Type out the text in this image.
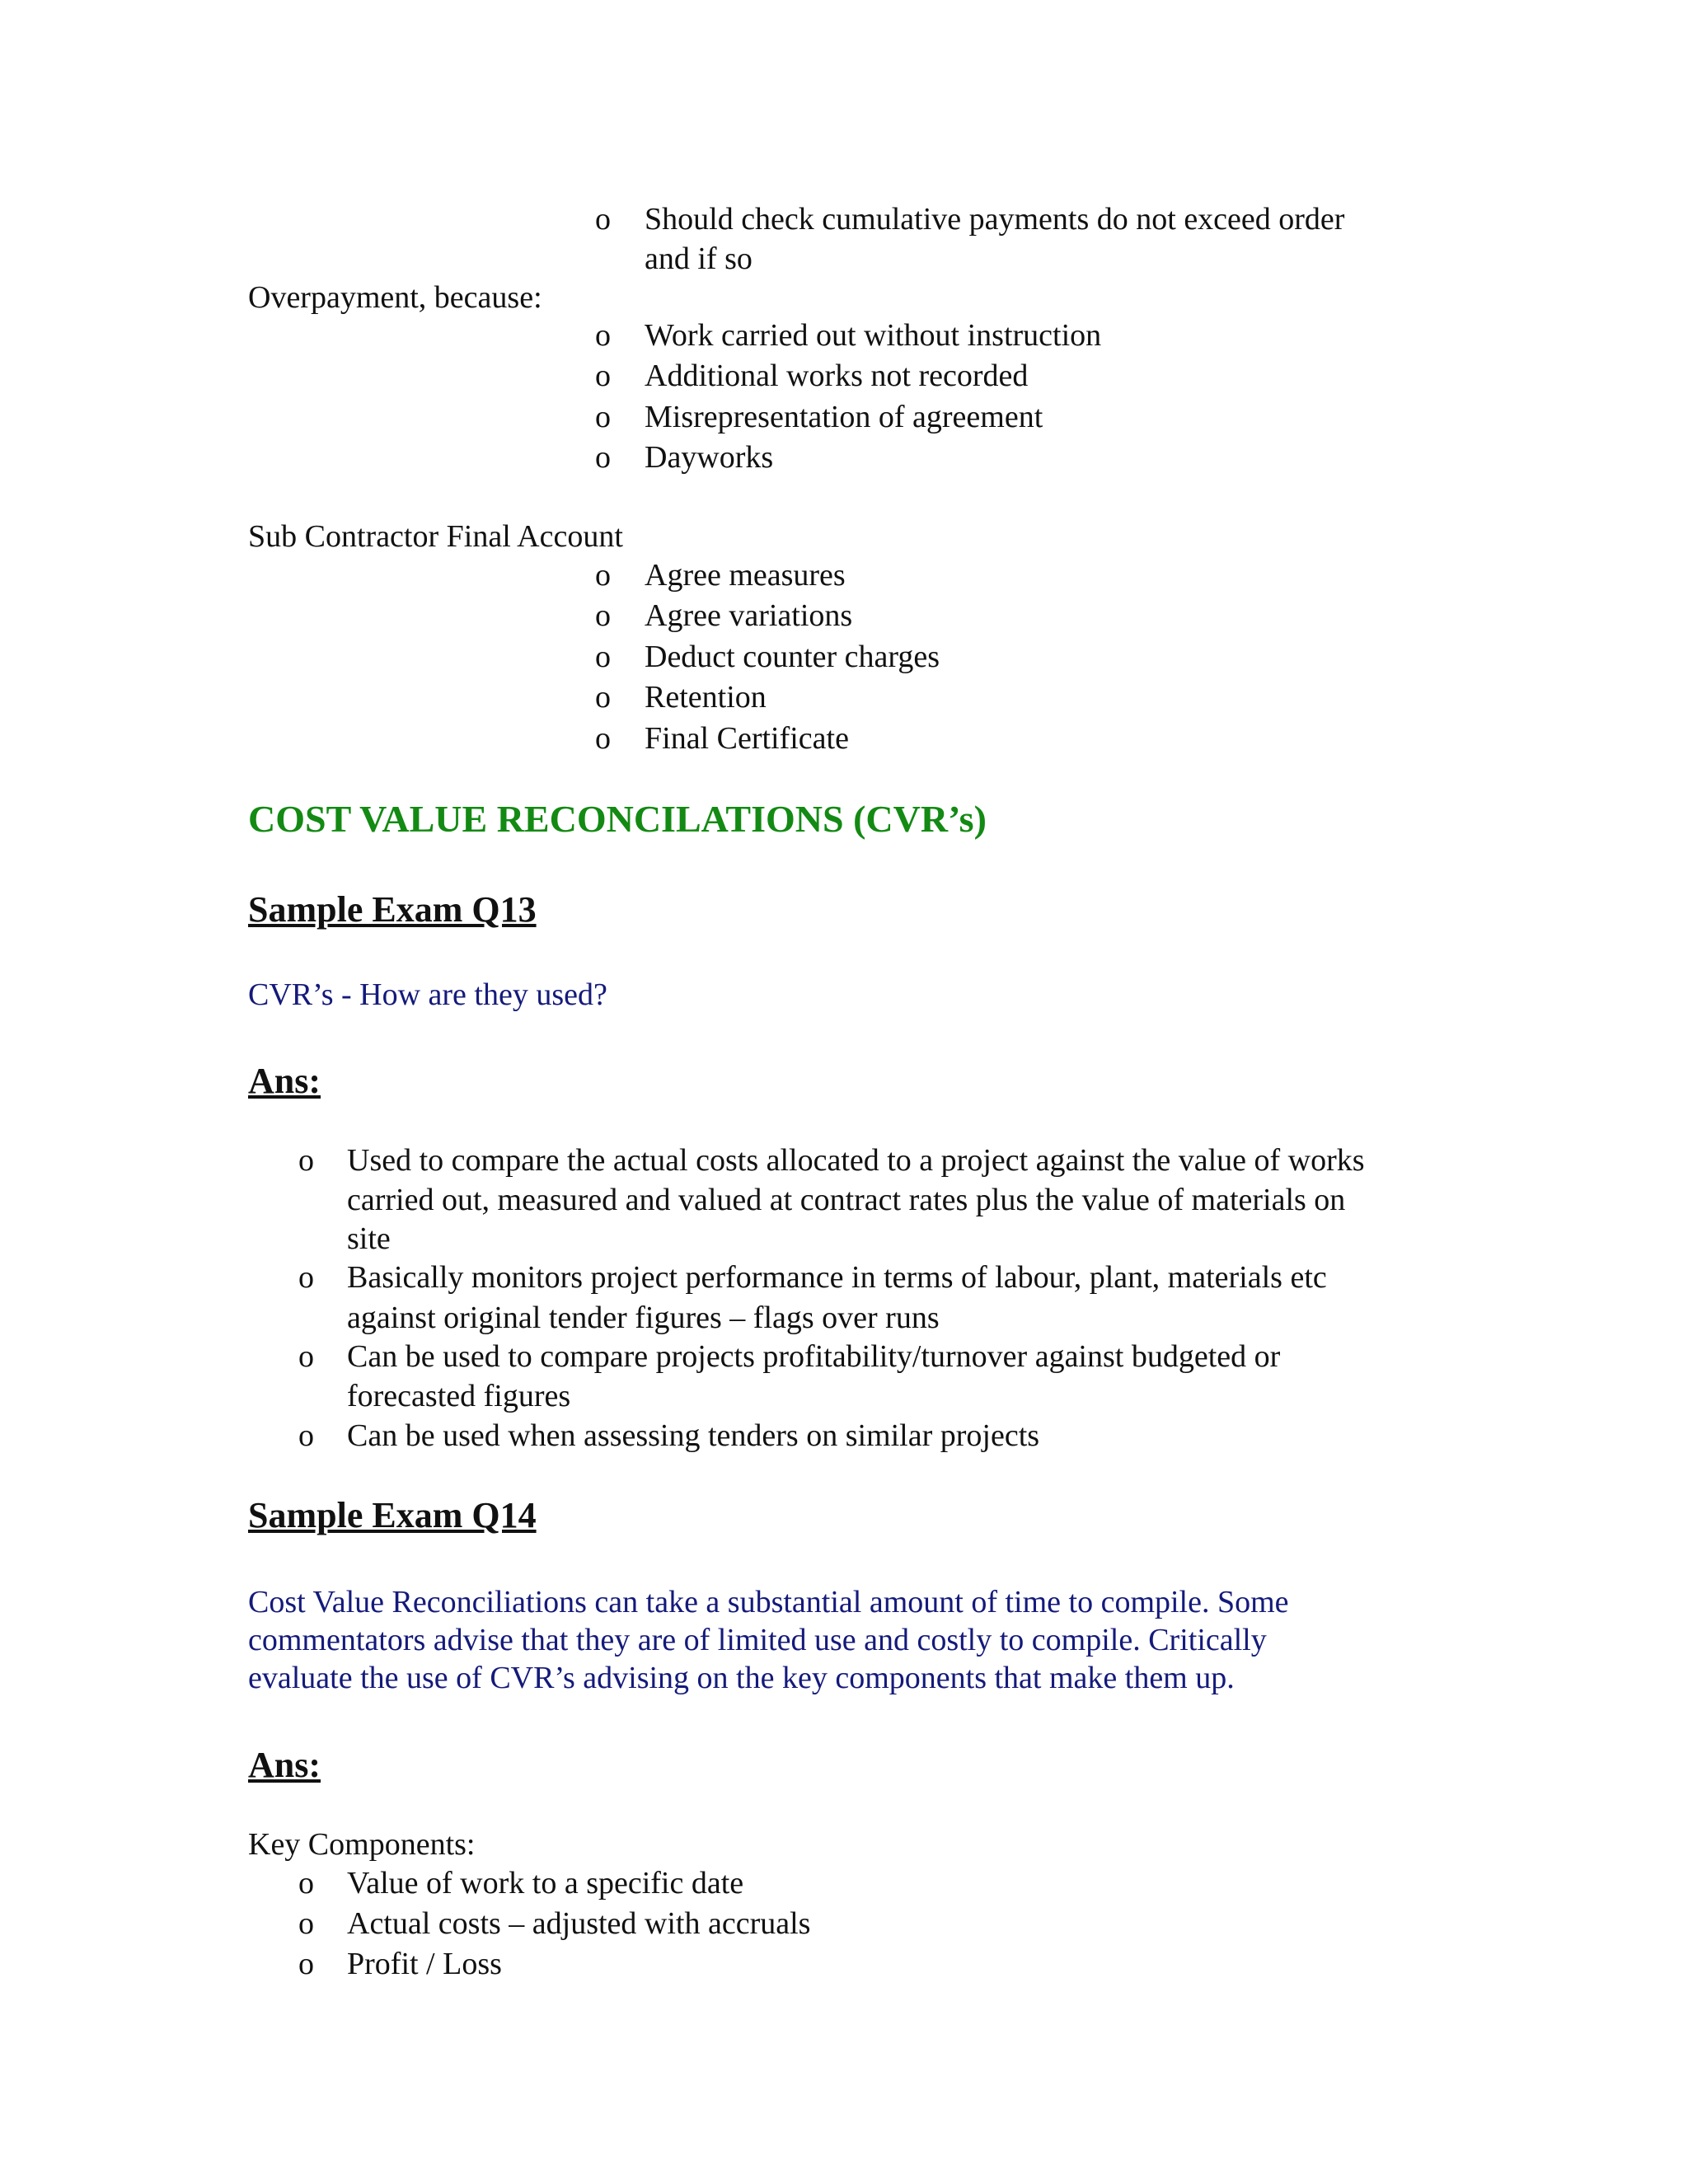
o Should check cumulative payments do not exceed order
and if so
Overpayment, because:
o Work carried out without instruction
o Additional works not recorded
o Misrepresentation of agreement
o Dayworks
Sub Contractor Final Account
o Agree measures
o Agree variations
o Deduct counter charges
o Retention
o Final Certificate
COST VALUE RECONCILATIONS (CVR’s)
Sample Exam Q13
CVR’s - How are they used?
Ans:
o Used to compare the actual costs allocated to a project against the value of works
carried out, measured and valued at contract rates plus the value of materials on
site
o Basically monitors project performance in terms of labour, plant, materials etc
against original tender figures – flags over runs
o Can be used to compare projects profitability/turnover against budgeted or
forecasted figures
o Can be used when assessing tenders on similar projects
Sample Exam Q14
Cost Value Reconciliations can take a substantial amount of time to compile. Some
commentators advise that they are of limited use and costly to compile. Critically
evaluate the use of CVR’s advising on the key components that make them up.
Ans:
Key Components:
o Value of work to a specific date
o Actual costs – adjusted with accruals
o Profit / Loss
